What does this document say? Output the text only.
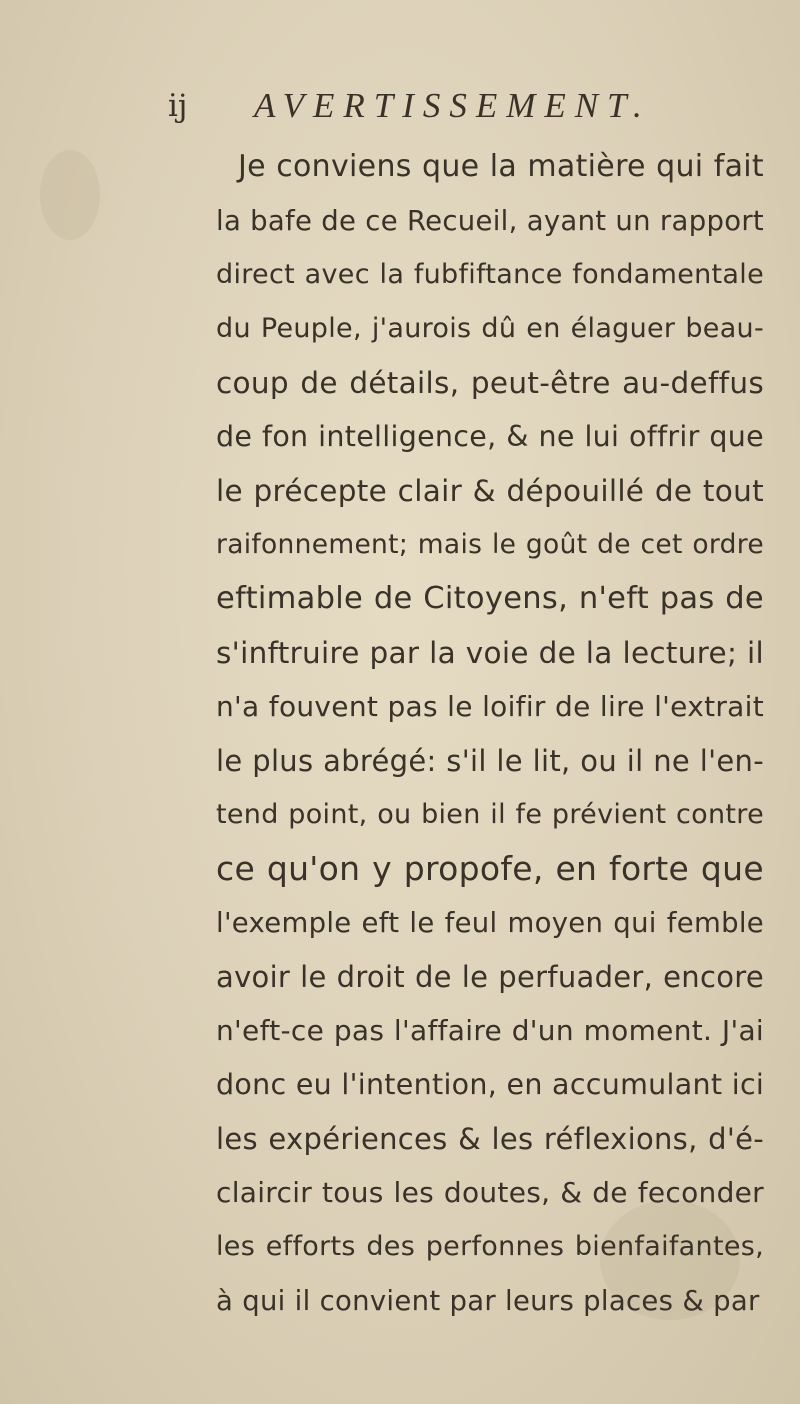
ij AVERTISSEMENT.
Je conviens que la matière qui fait
la bafe de ce Recueil, ayant un rapport
direct avec la fubfiftance fondamentale
du Peuple, j'aurois dû en élaguer beau-
coup de détails, peut-être au-deffus
de fon intelligence, & ne lui offrir que
le précepte clair & dépouillé de tout
raifonnement; mais le goût de cet ordre
eftimable de Citoyens, n'eft pas de
s'inftruire par la voie de la lecture; il
n'a fouvent pas le loifir de lire l'extrait
le plus abrégé: s'il le lit, ou il ne l'en-
tend point, ou bien il fe prévient contre
ce qu'on y propofe, en forte que
l'exemple eft le feul moyen qui femble
avoir le droit de le perfuader, encore
n'eft-ce pas l'affaire d'un moment. J'ai
donc eu l'intention, en accumulant ici
les expériences & les réflexions, d'é-
claircir tous les doutes, & de feconder
les efforts des perfonnes bienfaifantes,
à qui il convient par leurs places & par
